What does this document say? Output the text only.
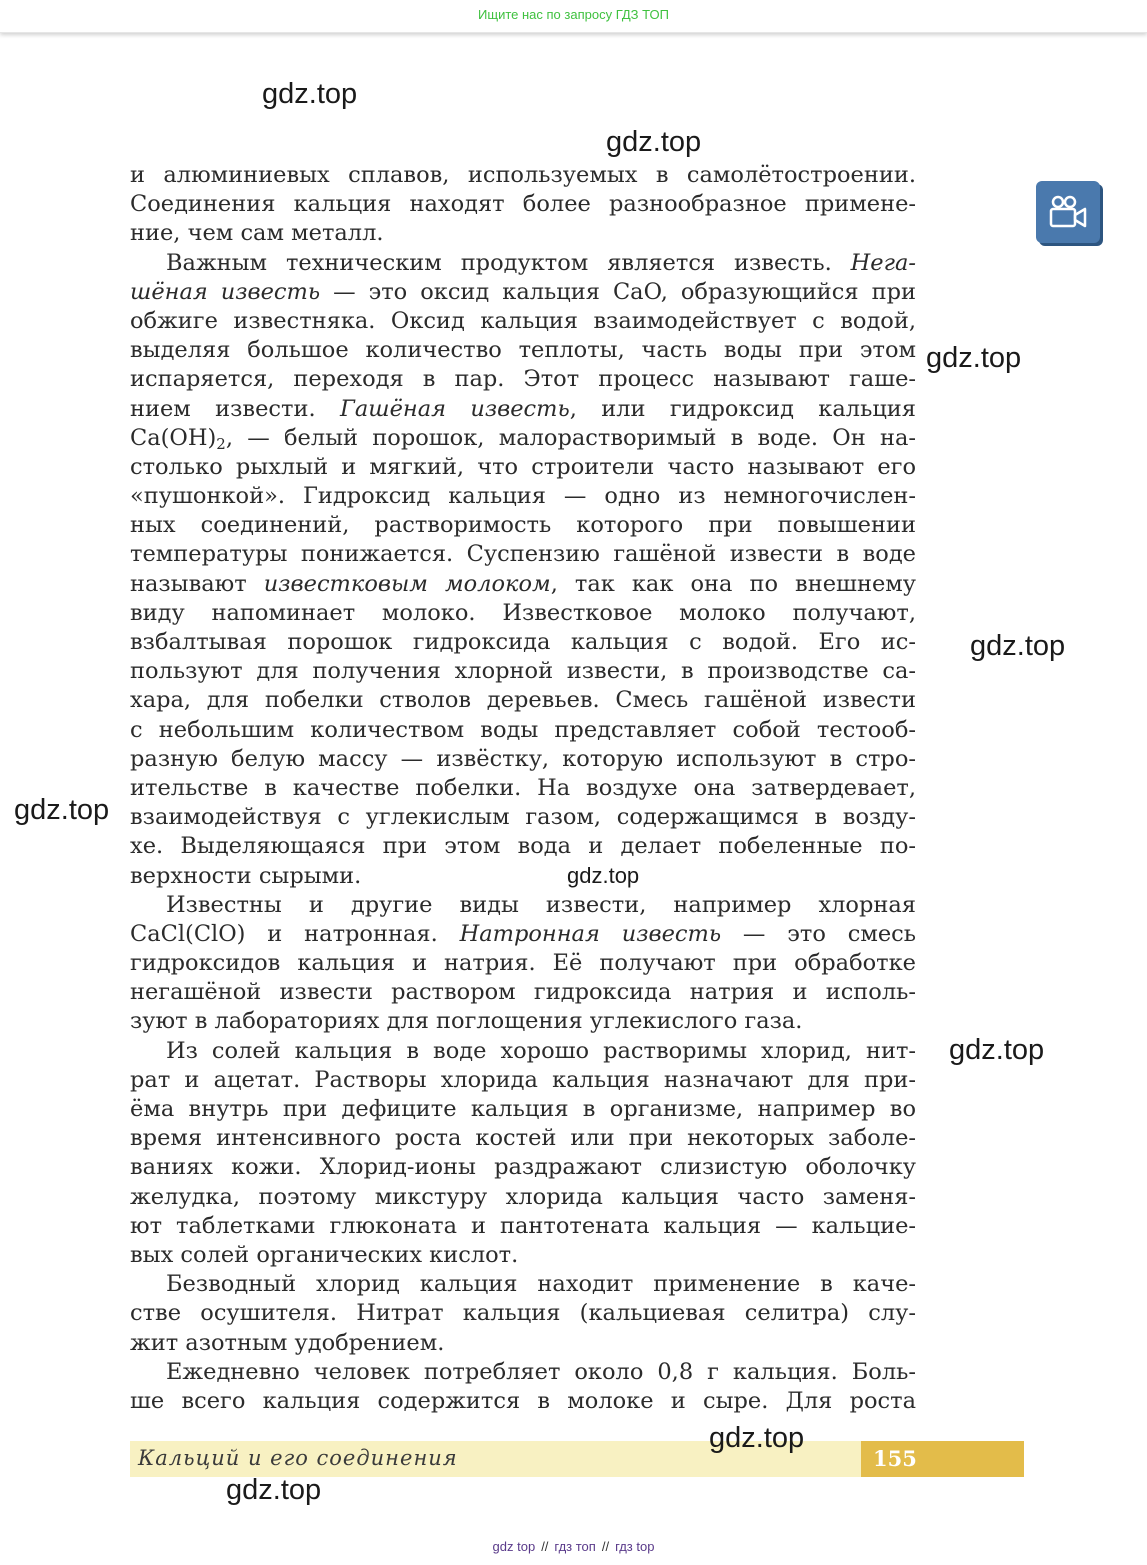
Ищите нас по запросу ГДЗ ТОП
и алюминиевых сплавов, используемых в самолётостроении.
Соединения кальция находят более разнообразное примене-
ние, чем сам металл.
Важным техническим продуктом является известь. Нега-
шёная известь — это оксид кальция CaO, образующийся при
обжиге известняка. Оксид кальция взаимодействует с водой,
выделяя большое количество теплоты, часть воды при этом
испаряется, переходя в пар. Этот процесс называют гаше-
нием извести. Гашёная известь, или гидроксид кальция
$Ca(OH)_2$, — белый порошок, малорастворимый в воде. Он на-
столько рыхлый и мягкий, что строители часто называют его
«пушонкой». Гидроксид кальция — одно из немногочислен-
ных соединений, растворимость которого при повышении
температуры понижается. Суспензию гашёной извести в воде
называют известковым молоком, так как она по внешнему
виду напоминает молоко. Известковое молоко получают,
взбалтывая порошок гидроксида кальция с водой. Его ис-
пользуют для получения хлорной извести, в производстве са-
хара, для побелки стволов деревьев. Смесь гашёной извести
с небольшим количеством воды представляет собой тестооб-
разную белую массу — извёстку, которую используют в стро-
ительстве в качестве побелки. На воздухе она затвердевает,
взаимодействуя с углекислым газом, содержащимся в возду-
хе. Выделяющаяся при этом вода и делает побеленные по-
верхности сырыми.
Известны и другие виды извести, например хлорная
CaCl(ClO) и натронная. Натронная известь — это смесь
гидроксидов кальция и натрия. Её получают при обработке
негашёной извести раствором гидроксида натрия и исполь-
зуют в лабораториях для поглощения углекислого газа.
Из солей кальция в воде хорошо растворимы хлорид, нит-
рат и ацетат. Растворы хлорида кальция назначают для при-
ёма внутрь при дефиците кальция в организме, например во
время интенсивного роста костей или при некоторых заболе-
ваниях кожи. Хлорид-ионы раздражают слизистую оболочку
желудка, поэтому микстуру хлорида кальция часто заменя-
ют таблетками глюконата и пантотената кальция — кальцие-
вых солей органических кислот.
Безводный хлорид кальция находит применение в каче-
стве осушителя. Нитрат кальция (кальциевая селитра) слу-
жит азотным удобрением.
Ежедневно человек потребляет около 0,8 г кальция. Боль-
ше всего кальция содержится в молоке и сыре. Для роста
Кальций и его соединения	155
gdz.top
gdz.top
gdz.top
gdz.top
gdz.top
gdz.top
gdz.top
gdz.top
gdz.top
gdz top // гдз топ // гдз top
